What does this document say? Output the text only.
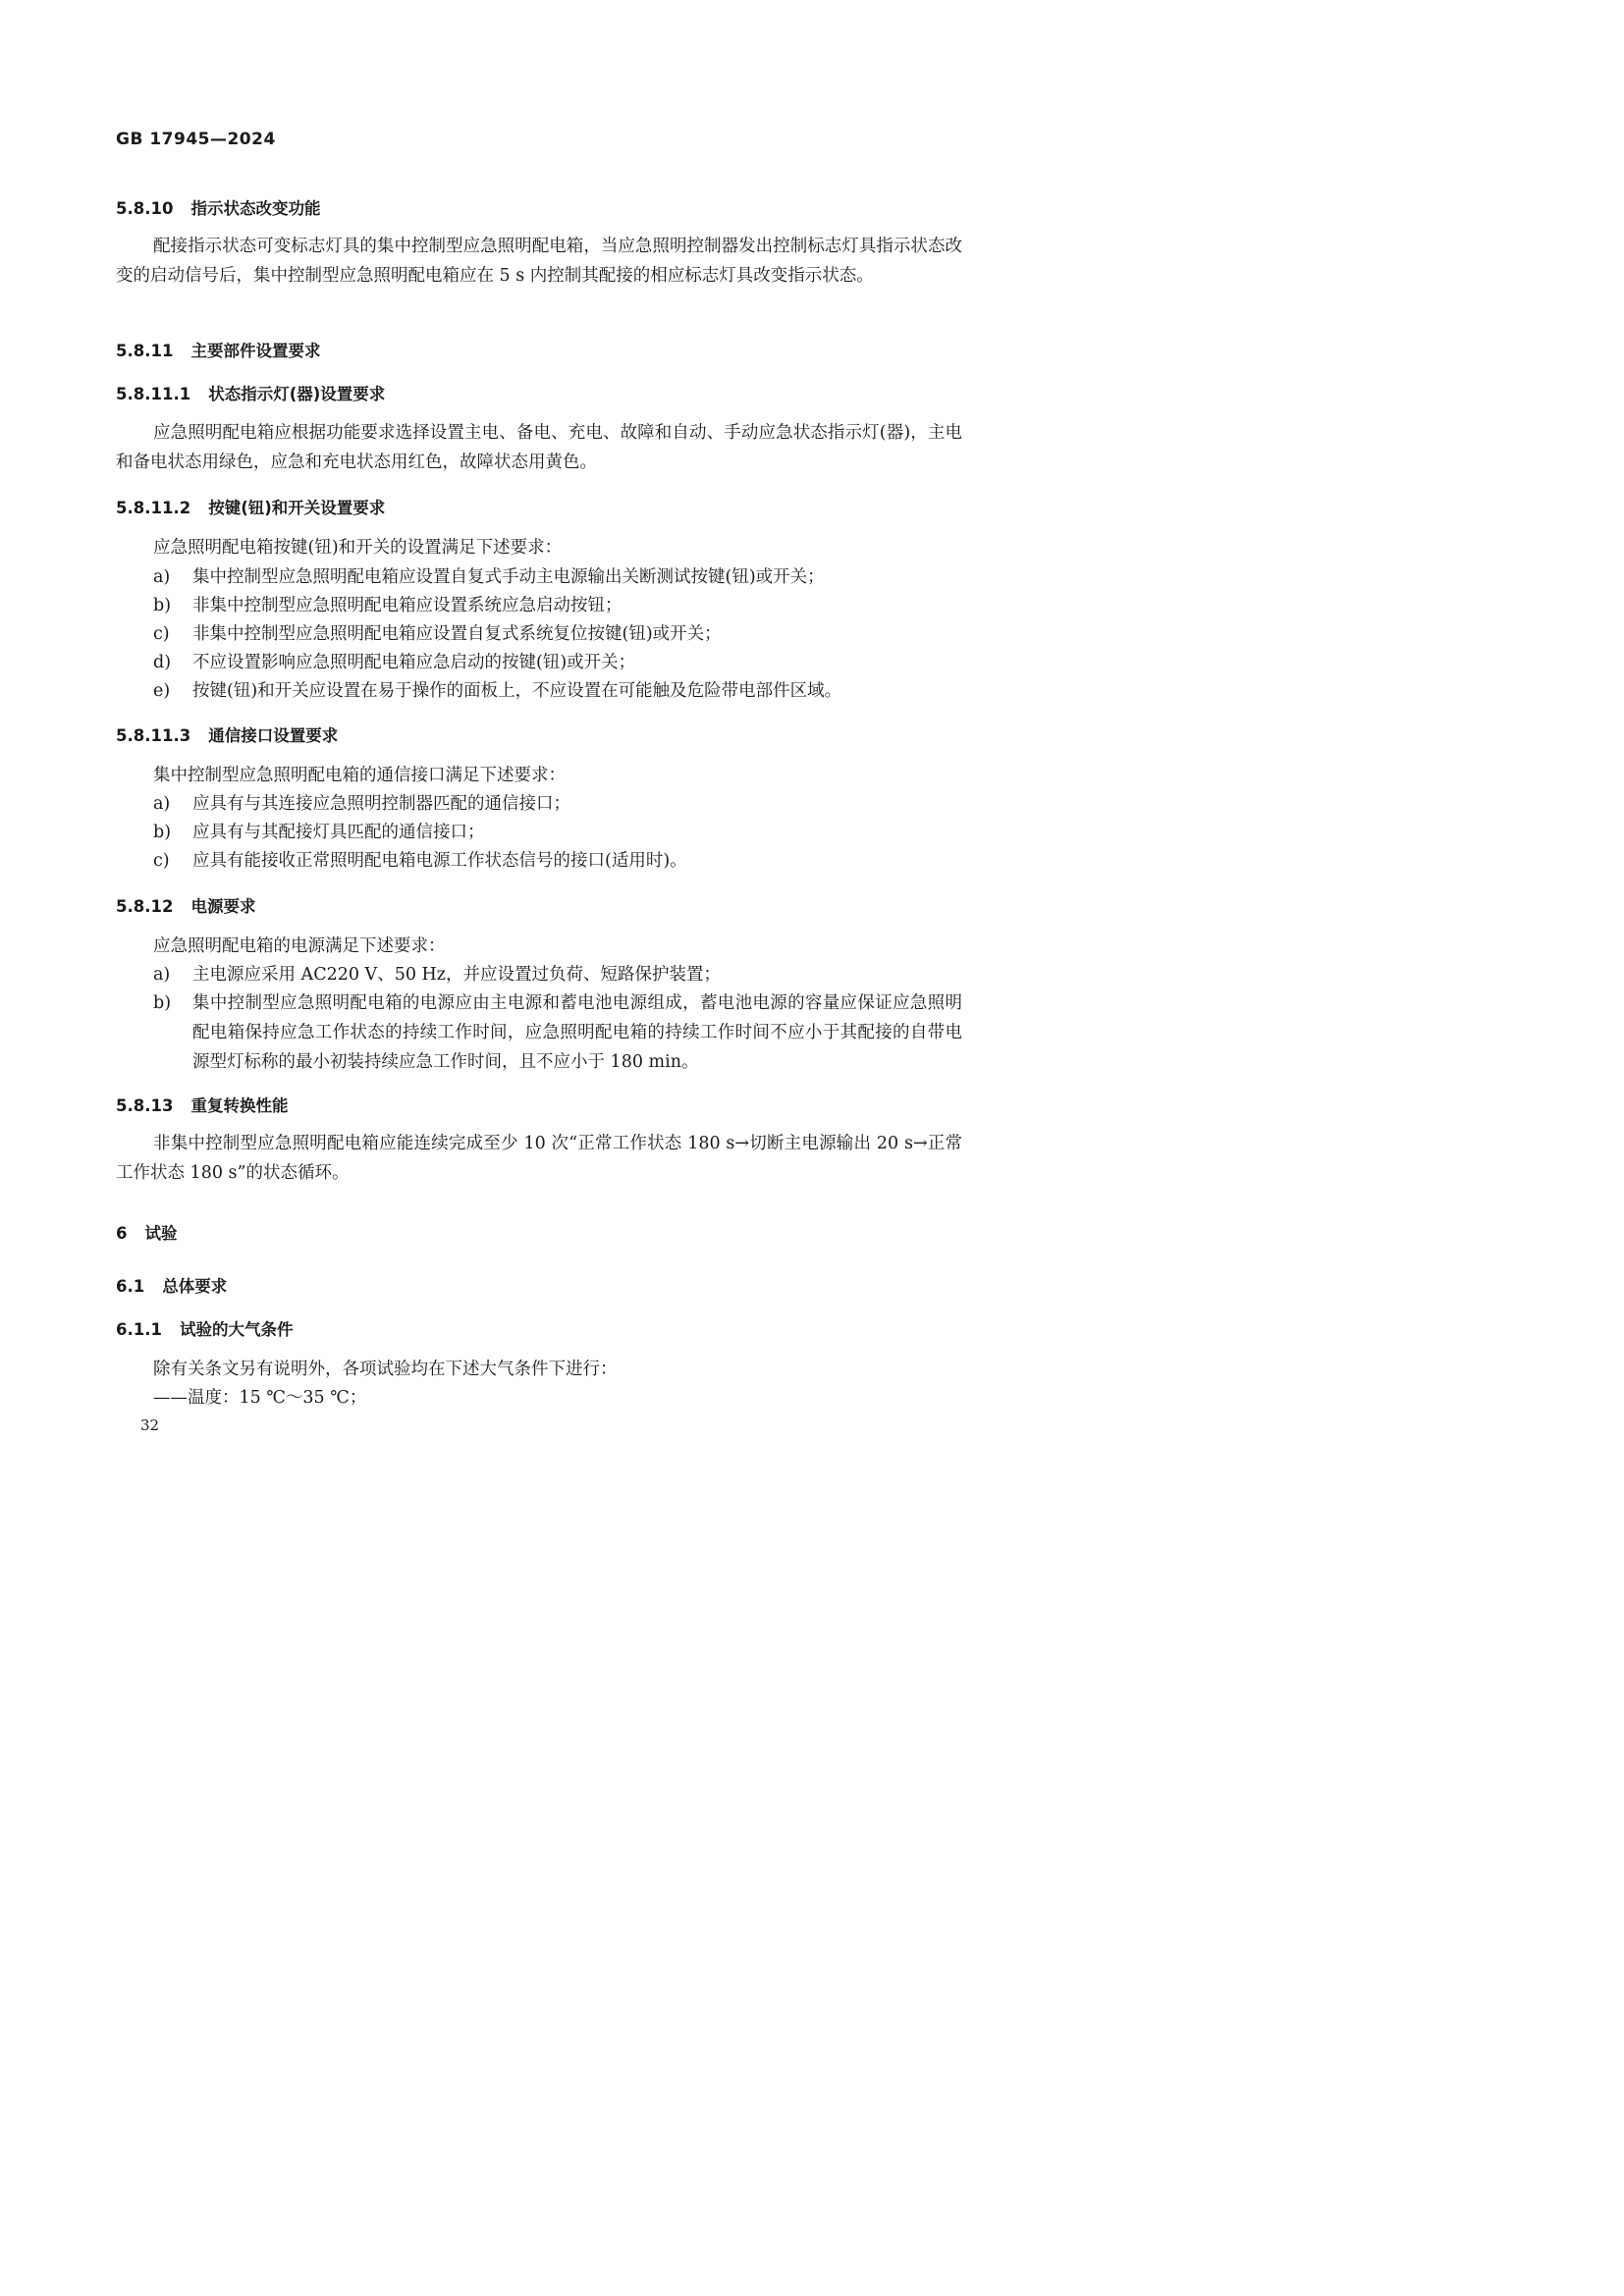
GB 17945—2024
5.8.10 指示状态改变功能
配接指示状态可变标志灯具的集中控制型应急照明配电箱，当应急照明控制器发出控制标志灯具指示状态改变的启动信号后，集中控制型应急照明配电箱应在 5 s 内控制其配接的相应标志灯具改变指示状态。
5.8.11 主要部件设置要求
5.8.11.1 状态指示灯(器)设置要求
应急照明配电箱应根据功能要求选择设置主电、备电、充电、故障和自动、手动应急状态指示灯(器)，主电和备电状态用绿色，应急和充电状态用红色，故障状态用黄色。
5.8.11.2 按键(钮)和开关设置要求
应急照明配电箱按键(钮)和开关的设置满足下述要求：
a) 集中控制型应急照明配电箱应设置自复式手动主电源输出关断测试按键(钮)或开关；
b) 非集中控制型应急照明配电箱应设置系统应急启动按钮；
c) 非集中控制型应急照明配电箱应设置自复式系统复位按键(钮)或开关；
d) 不应设置影响应急照明配电箱应急启动的按键(钮)或开关；
e) 按键(钮)和开关应设置在易于操作的面板上，不应设置在可能触及危险带电部件区域。
5.8.11.3 通信接口设置要求
集中控制型应急照明配电箱的通信接口满足下述要求：
a) 应具有与其连接应急照明控制器匹配的通信接口；
b) 应具有与其配接灯具匹配的通信接口；
c) 应具有能接收正常照明配电箱电源工作状态信号的接口(适用时)。
5.8.12 电源要求
应急照明配电箱的电源满足下述要求：
a) 主电源应采用 AC220 V、50 Hz，并应设置过负荷、短路保护装置；
b) 集中控制型应急照明配电箱的电源应由主电源和蓄电池电源组成，蓄电池电源的容量应保证应急照明配电箱保持应急工作状态的持续工作时间，应急照明配电箱的持续工作时间不应小于其配接的自带电源型灯标称的最小初装持续应急工作时间，且不应小于 180 min。
5.8.13 重复转换性能
非集中控制型应急照明配电箱应能连续完成至少 10 次“正常工作状态 180 s→切断主电源输出 20 s→正常工作状态 180 s”的状态循环。
6 试验
6.1 总体要求
6.1.1 试验的大气条件
除有关条文另有说明外，各项试验均在下述大气条件下进行：
——温度：15 ℃～35 ℃；
32
